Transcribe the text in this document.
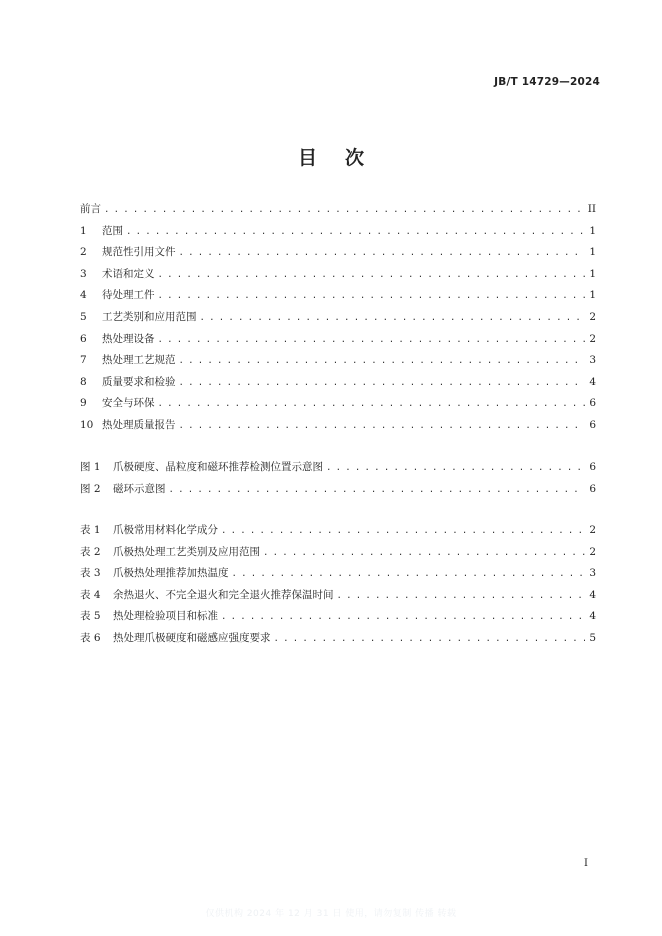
JB/T 14729—2024
目 次
前言 . . .	II
1	范围 . . .	1
2	规范性引用文件 . . .	1
3	术语和定义 . . .	1
4	待处理工件 . . .	1
5	工艺类别和应用范围 . . .	2
6	热处理设备 . . .	2
7	热处理工艺规范 . . .	3
8	质量要求和检验 . . .	4
9	安全与环保 . . .	6
10 热处理质量报告 . . .	6
图 1	爪极硬度、晶粒度和磁环推荐检测位置示意图 . . .	6
图 2	磁环示意图 . . .	6
表 1	爪极常用材料化学成分 . . .	2
表 2	爪极热处理工艺类别及应用范围 . . .	2
表 3	爪极热处理推荐加热温度 . . .	3
表 4	余热退火、不完全退火和完全退火推荐保温时间 . . .	4
表 5	热处理检验项目和标准 . . .	4
表 6	热处理爪极硬度和磁感应强度要求 . . .	5
I
仅供机构 2024 年 12 月 31 日 使用，请勿复制 传播 转载
